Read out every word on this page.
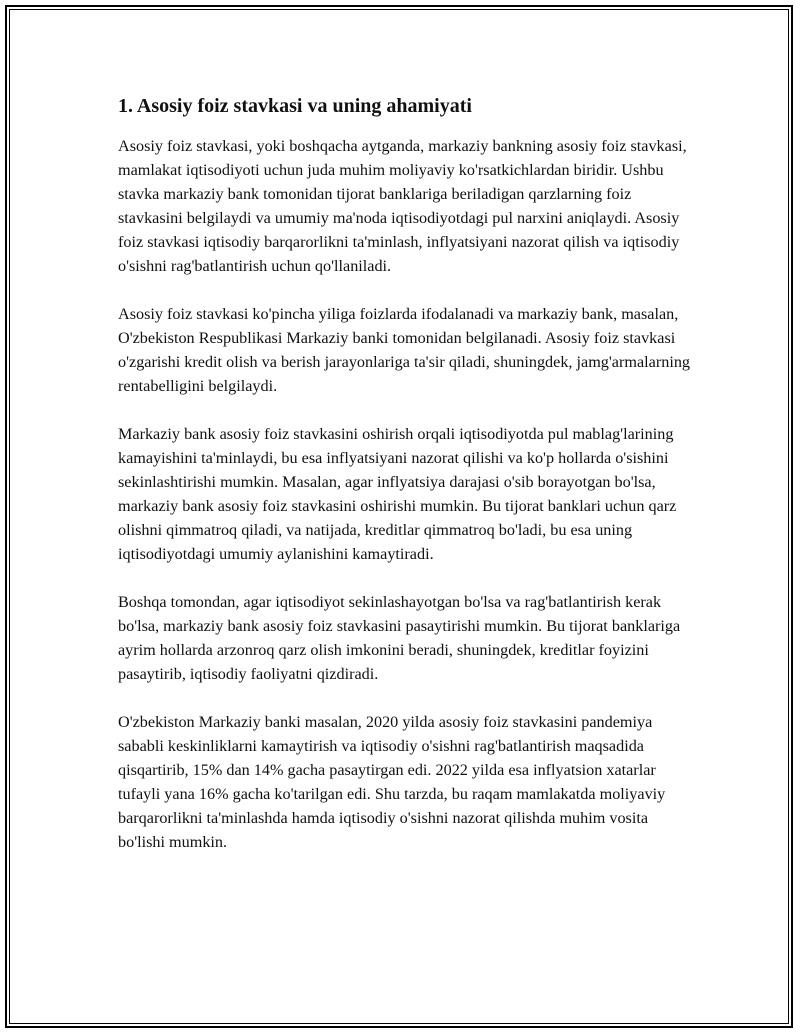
1. Asosiy foiz stavkasi va uning ahamiyati

Asosiy foiz stavkasi, yoki boshqacha aytganda, markaziy bankning asosiy foiz stavkasi, mamlakat iqtisodiyoti uchun juda muhim moliyaviy ko'rsatkichlardan biridir. Ushbu stavka markaziy bank tomonidan tijorat banklariga beriladigan qarzlarning foiz stavkasini belgilaydi va umumiy ma'noda iqtisodiyotdagi pul narxini aniqlaydi. Asosiy foiz stavkasi iqtisodiy barqarorlikni ta'minlash, inflyatsiyani nazorat qilish va iqtisodiy o'sishni rag'batlantirish uchun qo'llaniladi.

Asosiy foiz stavkasi ko'pincha yiliga foizlarda ifodalanadi va markaziy bank, masalan, O'zbekiston Respublikasi Markaziy banki tomonidan belgilanadi. Asosiy foiz stavkasi o'zgarishi kredit olish va berish jarayonlariga ta'sir qiladi, shuningdek, jamg'armalarning rentabelligini belgilaydi.

Markaziy bank asosiy foiz stavkasini oshirish orqali iqtisodiyotda pul mablag'larining kamayishini ta'minlaydi, bu esa inflyatsiyani nazorat qilishi va ko'p hollarda o'sishini sekinlashtirishi mumkin. Masalan, agar inflyatsiya darajasi o'sib borayotgan bo'lsa, markaziy bank asosiy foiz stavkasini oshirishi mumkin. Bu tijorat banklari uchun qarz olishni qimmatroq qiladi, va natijada, kreditlar qimmatroq bo'ladi, bu esa uning iqtisodiyotdagi umumiy aylanishini kamaytiradi.

Boshqa tomondan, agar iqtisodiyot sekinlashayotgan bo'lsa va rag'batlantirish kerak bo'lsa, markaziy bank asosiy foiz stavkasini pasaytirishi mumkin. Bu tijorat banklariga ayrim hollarda arzonroq qarz olish imkonini beradi, shuningdek, kreditlar foyizini pasaytirib, iqtisodiy faoliyatni qizdiradi.

O'zbekiston Markaziy banki masalan, 2020 yilda asosiy foiz stavkasini pandemiya sababli keskinliklarni kamaytirish va iqtisodiy o'sishni rag'batlantirish maqsadida qisqartirib, 15% dan 14% gacha pasaytirgan edi. 2022 yilda esa inflyatsion xatarlar tufayli yana 16% gacha ko'tarilgan edi. Shu tarzda, bu raqam mamlakatda moliyaviy barqarorlikni ta'minlashda hamda iqtisodiy o'sishni nazorat qilishda muhim vosita bo'lishi mumkin.
